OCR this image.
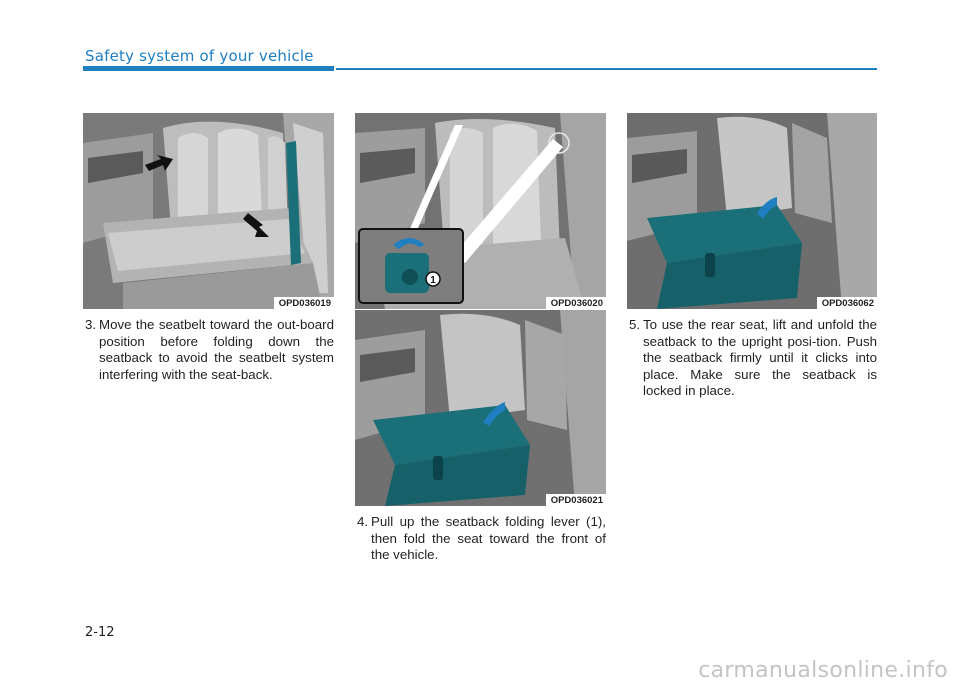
Safety system of your vehicle
OPD036019
1
OPD036020
OPD036021
OPD036062
3. Move the seatbelt toward the out-board position before folding down the seatback to avoid the seatbelt system interfering with the seat-back.
4. Pull up the seatback folding lever (1), then fold the seat toward the front of the vehicle.
5. To use the rear seat, lift and unfold the seatback to the upright posi-tion. Push the seatback firmly until it clicks into place. Make sure the seatback is locked in place.
2-12
carmanualsonline.info
